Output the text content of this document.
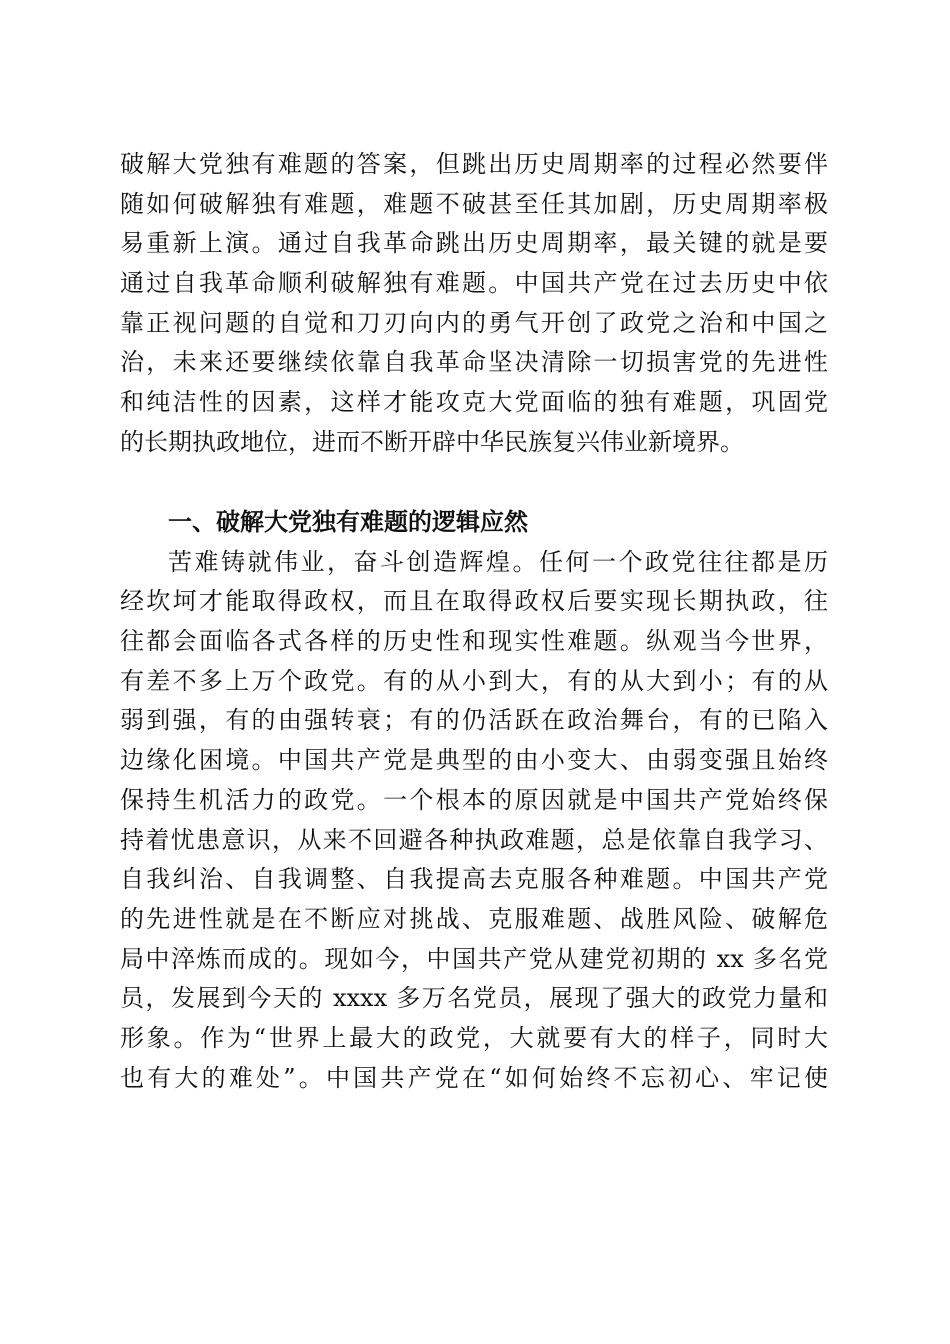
破解大党独有难题的答案，但跳出历史周期率的过程必然要伴
随如何破解独有难题，难题不破甚至任其加剧，历史周期率极
易重新上演。通过自我革命跳出历史周期率，最关键的就是要
通过自我革命顺利破解独有难题。中国共产党在过去历史中依
靠正视问题的自觉和刀刃向内的勇气开创了政党之治和中国之
治，未来还要继续依靠自我革命坚决清除一切损害党的先进性
和纯洁性的因素，这样才能攻克大党面临的独有难题，巩固党
的长期执政地位，进而不断开辟中华民族复兴伟业新境界。
一、破解大党独有难题的逻辑应然
苦难铸就伟业，奋斗创造辉煌。任何一个政党往往都是历
经坎坷才能取得政权，而且在取得政权后要实现长期执政，往
往都会面临各式各样的历史性和现实性难题。纵观当今世界，
有差不多上万个政党。有的从小到大，有的从大到小；有的从
弱到强，有的由强转衰；有的仍活跃在政治舞台，有的已陷入
边缘化困境。中国共产党是典型的由小变大、由弱变强且始终
保持生机活力的政党。一个根本的原因就是中国共产党始终保
持着忧患意识，从来不回避各种执政难题，总是依靠自我学习、
自我纠治、自我调整、自我提高去克服各种难题。中国共产党
的先进性就是在不断应对挑战、克服难题、战胜风险、破解危
局中淬炼而成的。现如今，中国共产党从建党初期的 xx 多名党
员，发展到今天的 xxxx 多万名党员，展现了强大的政党力量和
形象。作为“世界上最大的政党，大就要有大的样子，同时大
也有大的难处”。中国共产党在“如何始终不忘初心、牢记使
